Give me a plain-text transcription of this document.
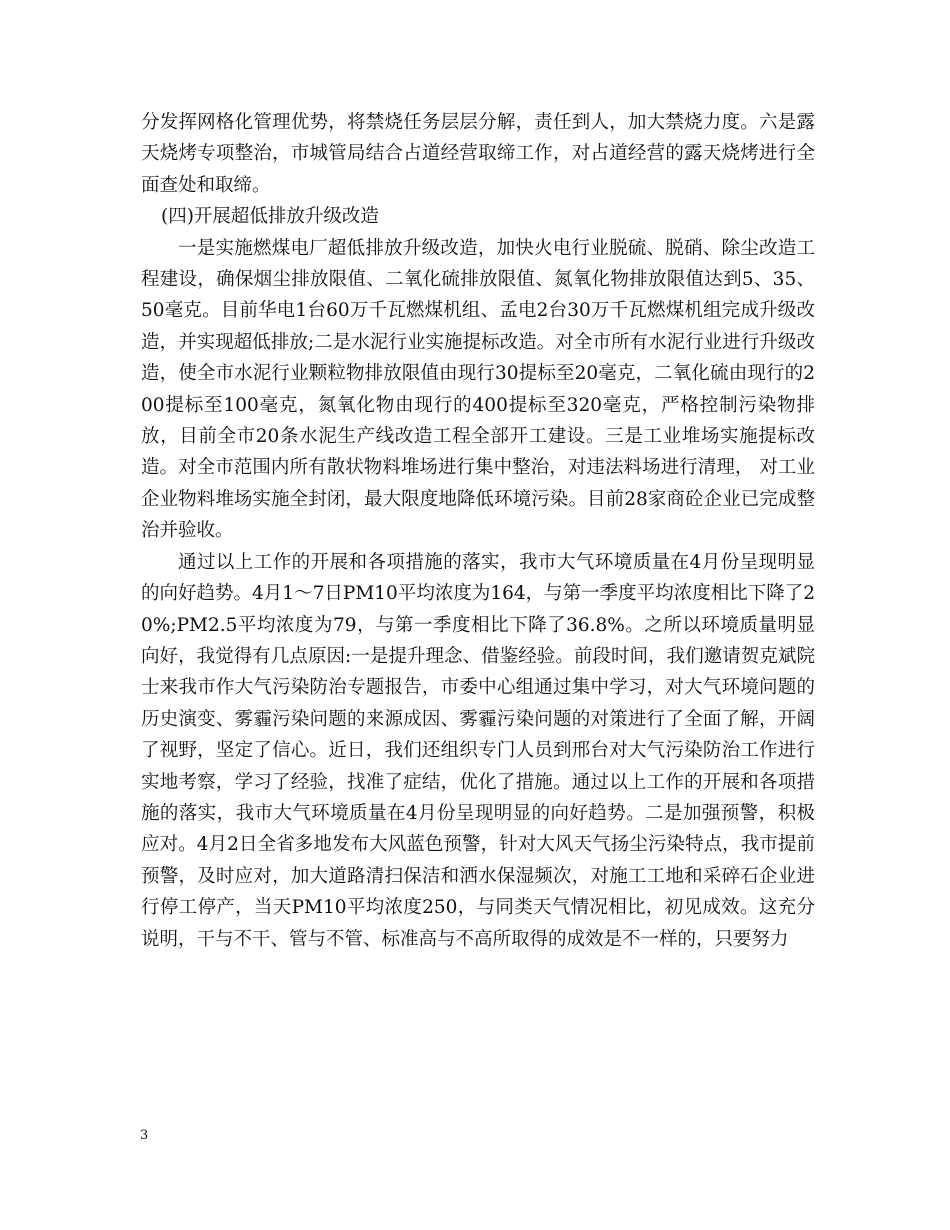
分发挥网格化管理优势，将禁烧任务层层分解，责任到人，加大禁烧力度。六是露天烧烤专项整治，市城管局结合占道经营取缔工作，对占道经营的露天烧烤进行全面查处和取缔。

(四)开展超低排放升级改造

一是实施燃煤电厂超低排放升级改造，加快火电行业脱硫、脱硝、除尘改造工程建设，确保烟尘排放限值、二氧化硫排放限值、氮氧化物排放限值达到5、35、50毫克。目前华电1台60万千瓦燃煤机组、孟电2台30万千瓦燃煤机组完成升级改造，并实现超低排放;二是水泥行业实施提标改造。对全市所有水泥行业进行升级改造，使全市水泥行业颗粒物排放限值由现行30提标至20毫克，二氧化硫由现行的200提标至100毫克，氮氧化物由现行的400提标至320毫克，严格控制污染物排放，目前全市20条水泥生产线改造工程全部开工建设。三是工业堆场实施提标改造。对全市范围内所有散状物料堆场进行集中整治，对违法料场进行清理， 对工业企业物料堆场实施全封闭，最大限度地降低环境污染。目前28家商砼企业已完成整治并验收。

通过以上工作的开展和各项措施的落实，我市大气环境质量在4月份呈现明显的向好趋势。4月1～7日PM10平均浓度为164，与第一季度平均浓度相比下降了20%;PM2.5平均浓度为79，与第一季度相比下降了36.8%。之所以环境质量明显向好，我觉得有几点原因:一是提升理念、借鉴经验。前段时间，我们邀请贺克斌院士来我市作大气污染防治专题报告，市委中心组通过集中学习，对大气环境问题的历史演变、雾霾污染问题的来源成因、雾霾污染问题的对策进行了全面了解，开阔了视野，坚定了信心。近日，我们还组织专门人员到邢台对大气污染防治工作进行实地考察，学习了经验，找准了症结，优化了措施。通过以上工作的开展和各项措施的落实，我市大气环境质量在4月份呈现明显的向好趋势。二是加强预警，积极应对。4月2日全省多地发布大风蓝色预警，针对大风天气扬尘污染特点，我市提前预警，及时应对，加大道路清扫保洁和洒水保湿频次，对施工工地和采碎石企业进行停工停产，当天PM10平均浓度250，与同类天气情况相比，初见成效。这充分说明，干与不干、管与不管、标准高与不高所取得的成效是不一样的，只要努力

3
